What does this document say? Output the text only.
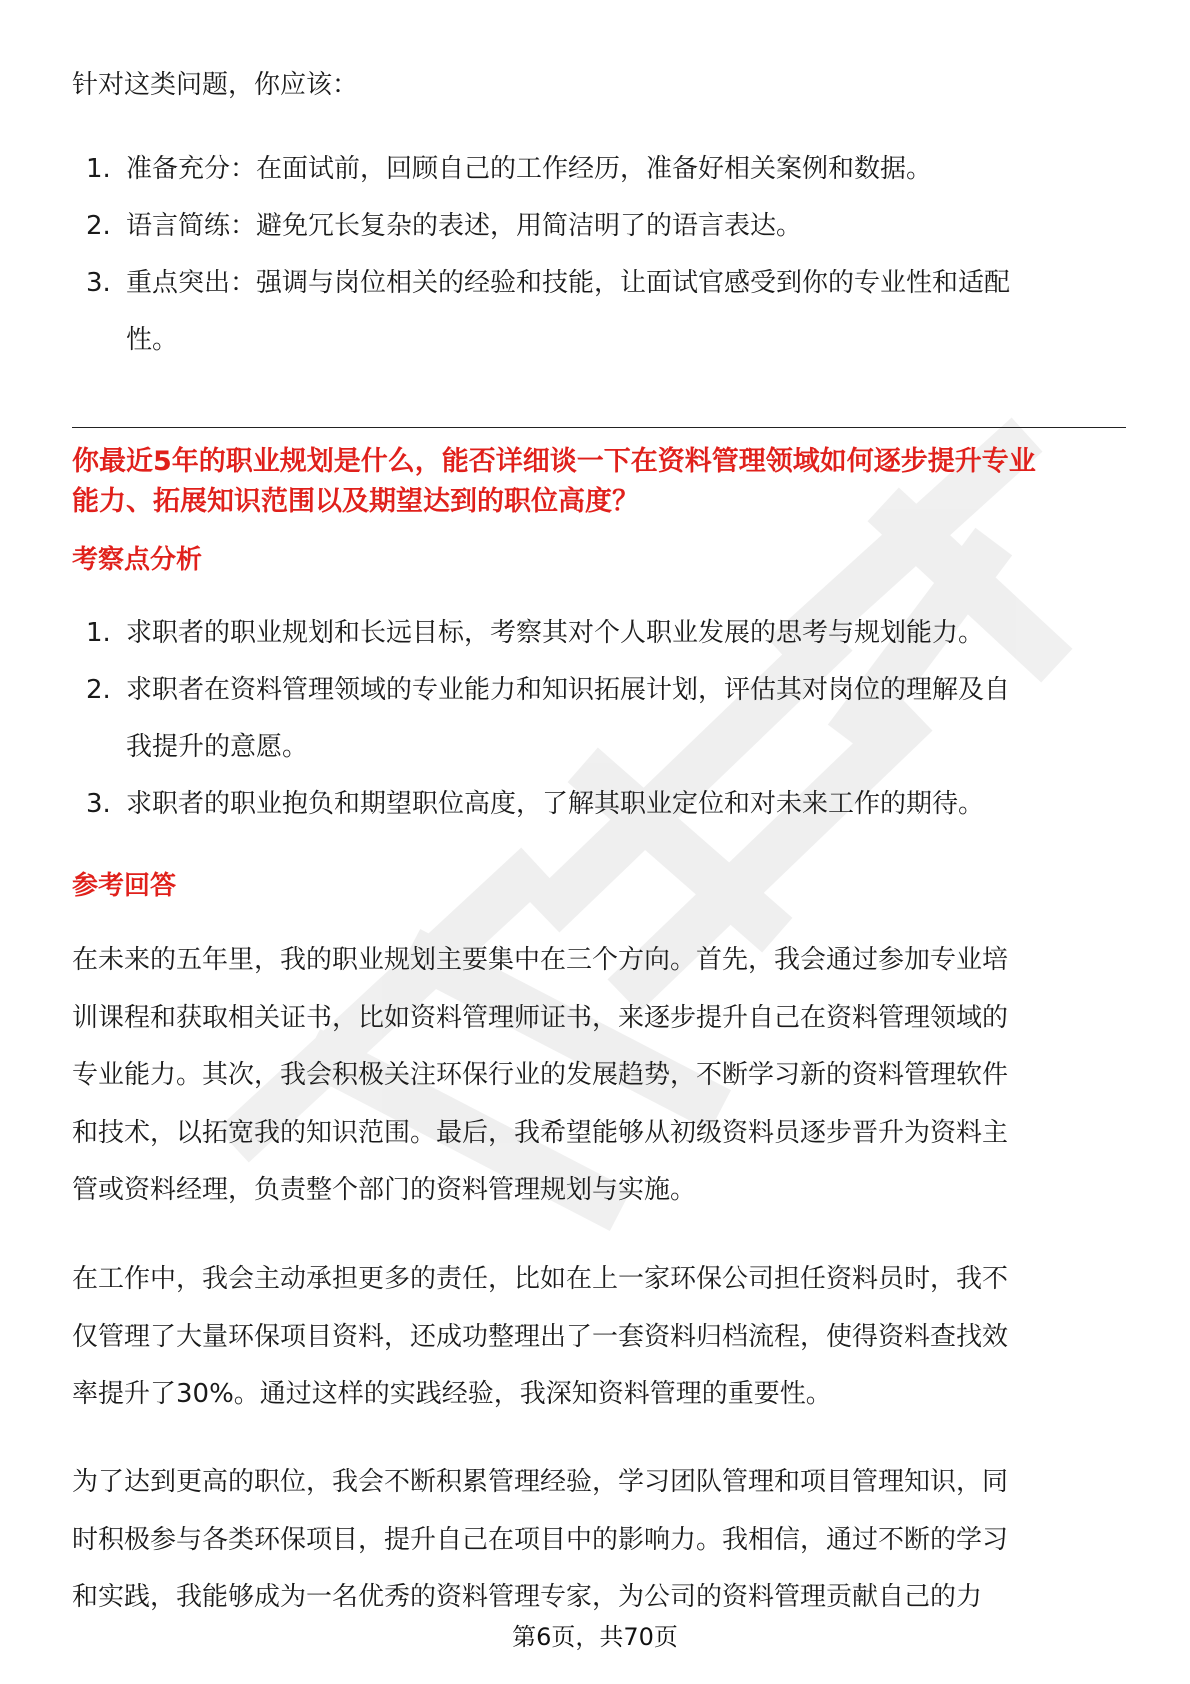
针对这类问题，你应该：
1. 准备充分：在面试前，回顾自己的工作经历，准备好相关案例和数据。
2. 语言简练：避免冗长复杂的表述，用简洁明了的语言表达。
3. 重点突出：强调与岗位相关的经验和技能，让面试官感受到你的专业性和适配
性。
你最近5年的职业规划是什么，能否详细谈一下在资料管理领域如何逐步提升专业
能力、拓展知识范围以及期望达到的职位高度？
考察点分析
1. 求职者的职业规划和长远目标，考察其对个人职业发展的思考与规划能力。
2. 求职者在资料管理领域的专业能力和知识拓展计划，评估其对岗位的理解及自
我提升的意愿。
3. 求职者的职业抱负和期望职位高度，了解其职业定位和对未来工作的期待。
参考回答
在未来的五年里，我的职业规划主要集中在三个方向。首先，我会通过参加专业培
训课程和获取相关证书，比如资料管理师证书，来逐步提升自己在资料管理领域的
专业能力。其次，我会积极关注环保行业的发展趋势，不断学习新的资料管理软件
和技术，以拓宽我的知识范围。最后，我希望能够从初级资料员逐步晋升为资料主
管或资料经理，负责整个部门的资料管理规划与实施。
在工作中，我会主动承担更多的责任，比如在上一家环保公司担任资料员时，我不
仅管理了大量环保项目资料，还成功整理出了一套资料归档流程，使得资料查找效
率提升了30%。通过这样的实践经验，我深知资料管理的重要性。
为了达到更高的职位，我会不断积累管理经验，学习团队管理和项目管理知识，同
时积极参与各类环保项目，提升自己在项目中的影响力。我相信，通过不断的学习
和实践，我能够成为一名优秀的资料管理专家，为公司的资料管理贡献自己的力
第6页，共70页
